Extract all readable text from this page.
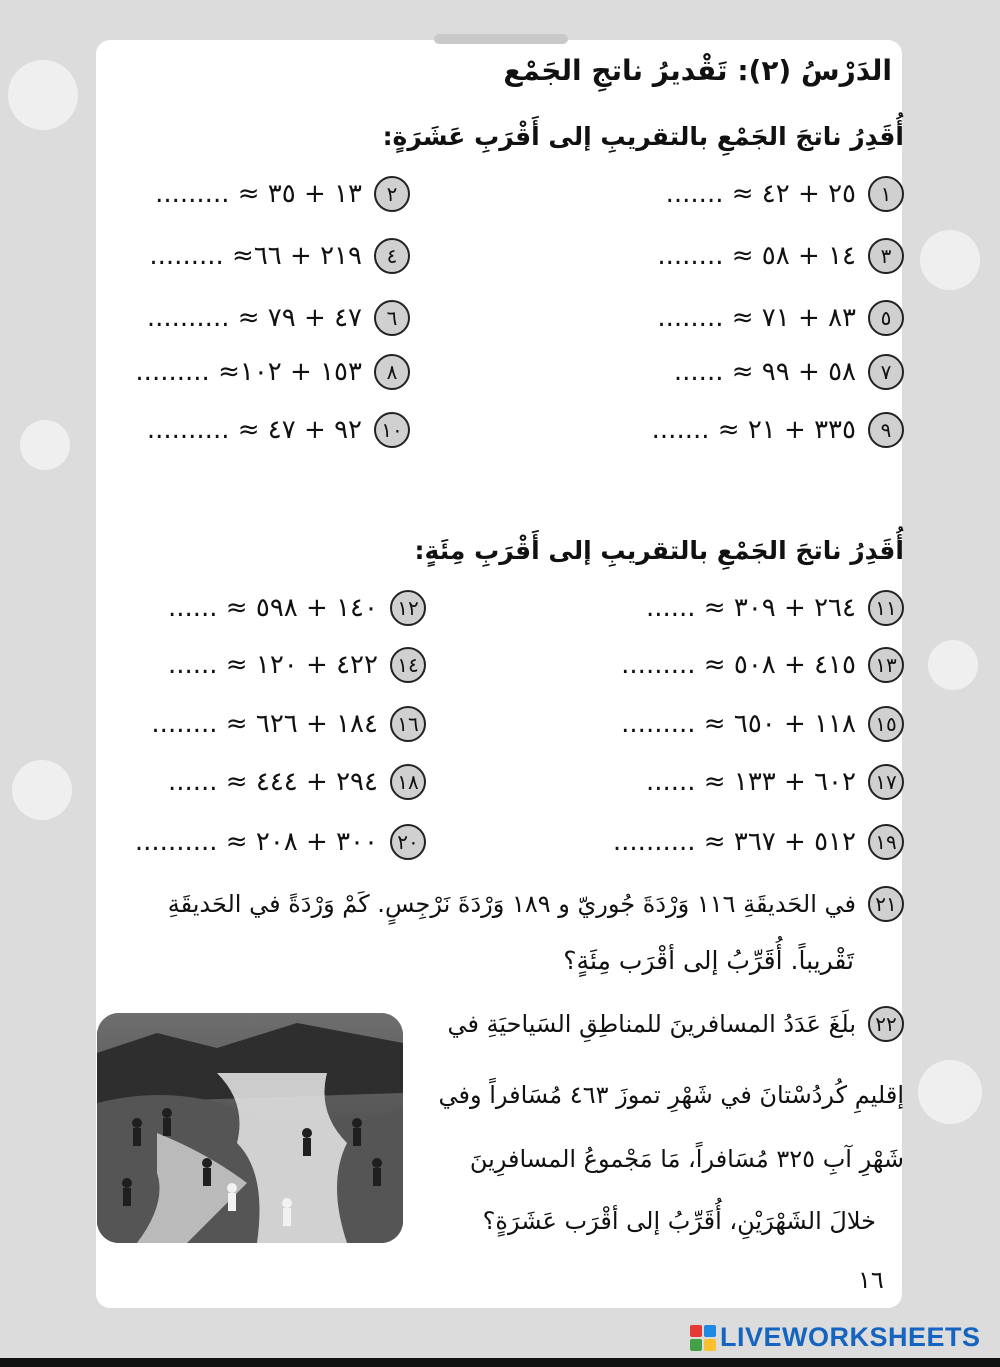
الدَرْسُ (٢): تَقْديرُ ناتجِ الجَمْع
أُقَدِرُ ناتجَ الجَمْعِ بالتقريبِ إلى أَقْرَبِ عَشَرَةٍ:
١
٢٥ + ٤٢ ≈ .......
٢
١٣ + ٣٥ ≈ .........
٣
١٤ + ٥٨ ≈ ........
٤
٢١٩ + ٦٦≈ .........
٥
٨٣ + ٧١ ≈ ........
٦
٤٧ + ٧٩ ≈ ..........
٧
٥٨ + ٩٩ ≈ ......
٨
١٥٣ + ١٠٢≈ .........
٩
٣٣٥ + ٢١ ≈ .......
١٠
٩٢ + ٤٧ ≈ ..........
أُقَدِرُ ناتجَ الجَمْعِ بالتقريبِ إلى أَقْرَبِ مِئَةٍ:
١١
٢٦٤ + ٣٠٩ ≈ ......
١٢
١٤٠ + ٥٩٨ ≈ ......
١٣
٤١٥ + ٥٠٨ ≈ .........
١٤
٤٢٢ + ١٢٠ ≈ ......
١٥
١١٨ + ٦٥٠ ≈ .........
١٦
١٨٤ + ٦٢٦ ≈ ........
١٧
٦٠٢ + ١٣٣ ≈ ......
١٨
٢٩٤ + ٤٤٤ ≈ ......
١٩
٥١٢ + ٣٦٧ ≈ ..........
٢٠
٣٠٠ + ٢٠٨ ≈ ..........
٢١
في الحَديقَةِ ١١٦ وَرْدَةَ جُوريّ و ١٨٩ وَرْدَةَ نَرْجِسٍ. كَمْ وَرْدَةً في الحَديقَةِ
تَقْريباً. أُقَرِّبُ إلى أقْرَب مِئَةٍ؟
٢٢
بلَغَ عَدَدُ المسافرينَ للمناطِقِ السَياحيَةِ في
إقليمِ كُردُسْتانَ في شَهْرِ تموزَ ٤٦٣ مُسَافراً وفي
شَهْرِ آبِ ٣٢٥ مُسَافراً، مَا مَجْموعُ المسافرِينَ
خلالَ الشَهْرَيْنِ، أُقَرِّبُ إلى أقْرَب عَشَرَةٍ؟
١٦
LIVEWORKSHEETS
